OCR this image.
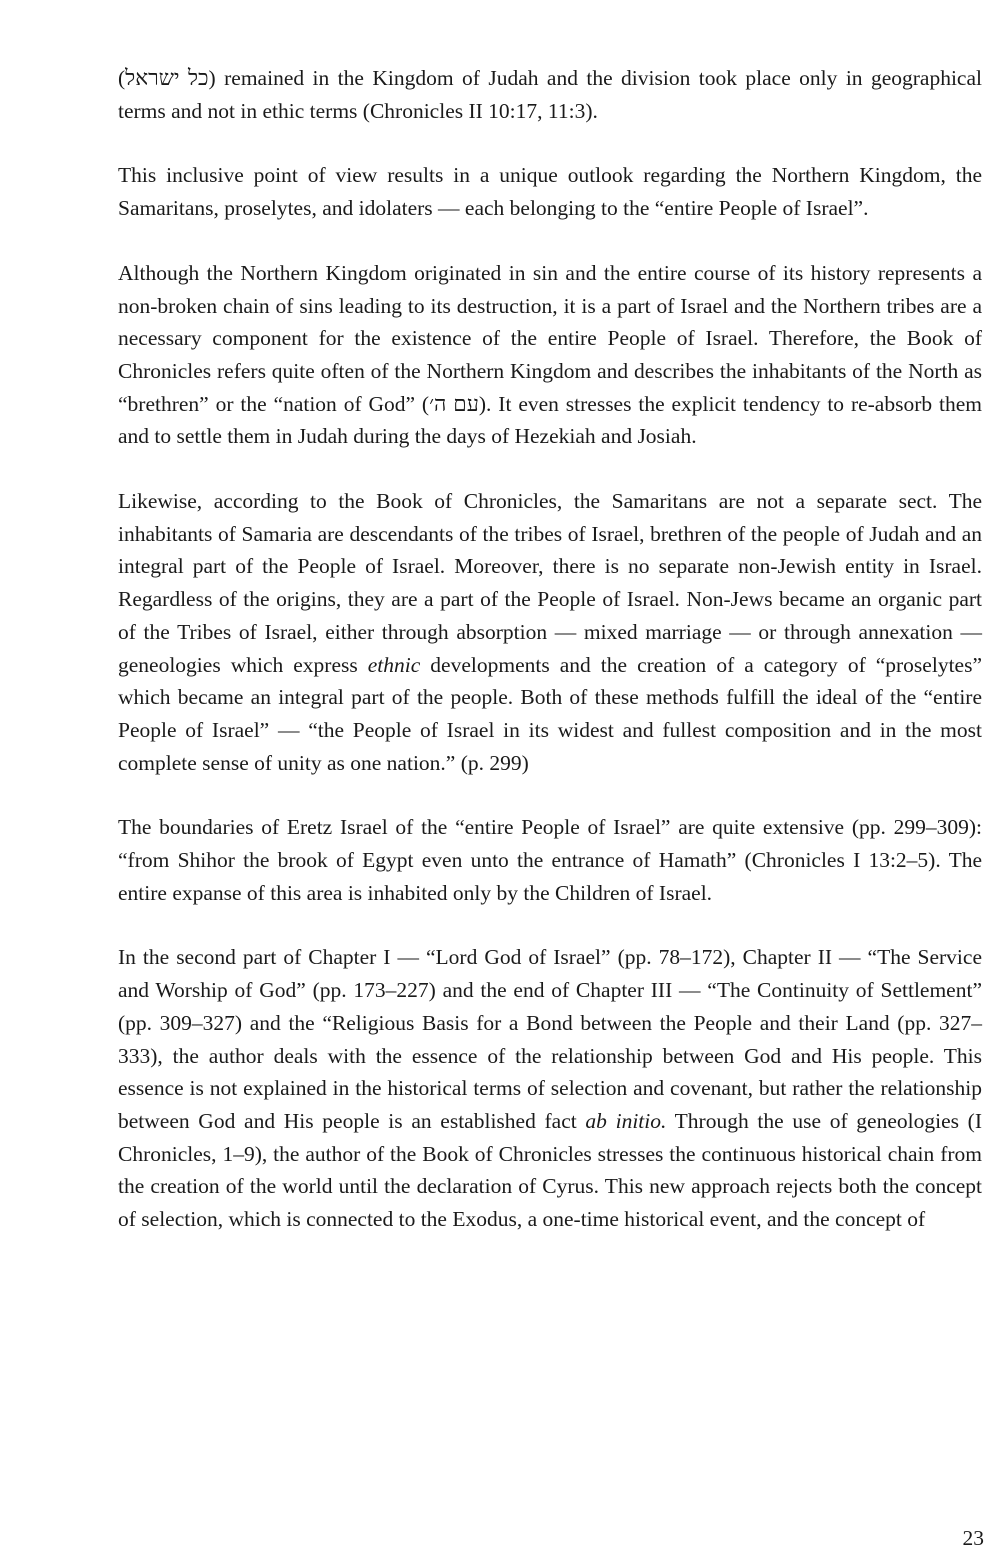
(כל ישראל) remained in the Kingdom of Judah and the division took place only in geographical terms and not in ethic terms (Chronicles II 10:17, 11:3).

This inclusive point of view results in a unique outlook regarding the Northern Kingdom, the Samaritans, proselytes, and idolaters — each belonging to the “entire People of Israel”.

Although the Northern Kingdom originated in sin and the entire course of its history represents a non-broken chain of sins leading to its destruction, it is a part of Israel and the Northern tribes are a necessary component for the existence of the entire People of Israel. Therefore, the Book of Chronicles refers quite often of the Northern Kingdom and describes the inhabitants of the North as “brethren” or the “nation of God” (עם ה׳). It even stresses the explicit tendency to re-absorb them and to settle them in Judah during the days of Hezekiah and Josiah.

Likewise, according to the Book of Chronicles, the Samaritans are not a separate sect. The inhabitants of Samaria are descendants of the tribes of Israel, brethren of the people of Judah and an integral part of the People of Israel. Moreover, there is no separate non-Jewish entity in Israel. Regardless of the origins, they are a part of the People of Israel. Non-Jews became an organic part of the Tribes of Israel, either through absorption — mixed marriage — or through annexation — geneologies which express ethnic developments and the creation of a category of “proselytes” which became an integral part of the people. Both of these methods fulfill the ideal of the “entire People of Israel” — “the People of Israel in its widest and fullest composition and in the most complete sense of unity as one nation.” (p. 299)

The boundaries of Eretz Israel of the “entire People of Israel” are quite extensive (pp. 299–309): “from Shihor the brook of Egypt even unto the entrance of Hamath” (Chronicles I 13:2–5). The entire expanse of this area is inhabited only by the Children of Israel.

In the second part of Chapter I — “Lord God of Israel” (pp. 78–172), Chapter II — “The Service and Worship of God” (pp. 173–227) and the end of Chapter III — “The Continuity of Settlement” (pp. 309–327) and the “Religious Basis for a Bond between the People and their Land (pp. 327–333), the author deals with the essence of the relationship between God and His people. This essence is not explained in the historical terms of selection and covenant, but rather the relationship between God and His people is an established fact ab initio. Through the use of geneologies (I Chronicles, 1–9), the author of the Book of Chronicles stresses the continuous historical chain from the creation of the world until the declaration of Cyrus. This new approach rejects both the concept of selection, which is connected to the Exodus, a one-time historical event, and the concept of

23
